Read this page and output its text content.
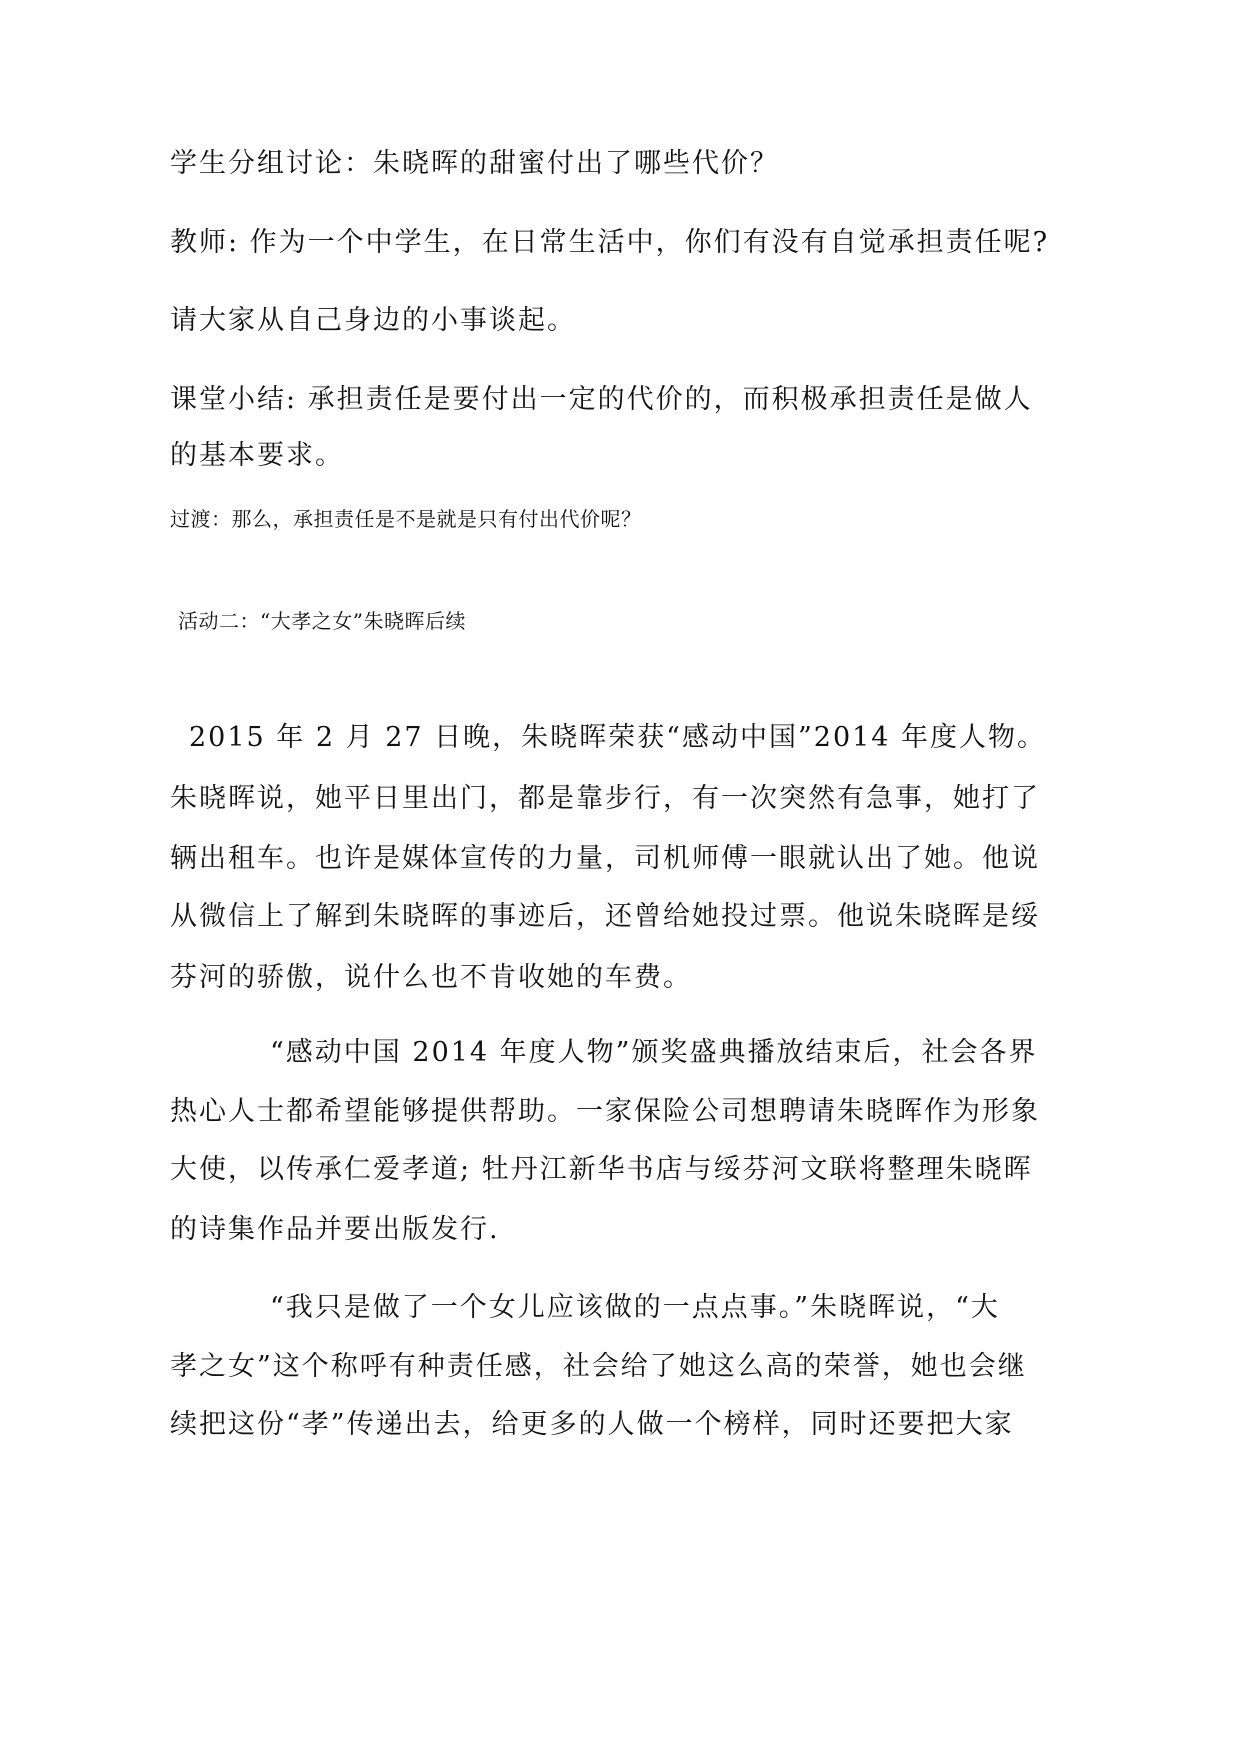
学生分组讨论：朱晓晖的甜蜜付出了哪些代价？
教师: 作为一个中学生，在日常生活中，你们有没有自觉承担责任呢?
请大家从自己身边的小事谈起。
课堂小结: 承担责任是要付出一定的代价的，而积极承担责任是做人
的基本要求。
过渡：那么，承担责任是不是就是只有付出代价呢？
活动二：“大孝之女”朱晓晖后续
2015 年 2 月 27 日晚，朱晓晖荣获“感动中国”2014 年度人物。
朱晓晖说，她平日里出门，都是靠步行，有一次突然有急事，她打了
辆出租车。也许是媒体宣传的力量，司机师傅一眼就认出了她。他说
从微信上了解到朱晓晖的事迹后，还曾给她投过票。他说朱晓晖是绥
芬河的骄傲，说什么也不肯收她的车费。
“感动中国 2014 年度人物”颁奖盛典播放结束后，社会各界
热心人士都希望能够提供帮助。一家保险公司想聘请朱晓晖作为形象
大使，以传承仁爱孝道; 牡丹江新华书店与绥芬河文联将整理朱晓晖
的诗集作品并要出版发行.
“我只是做了一个女儿应该做的一点点事。”朱晓晖说，“大
孝之女”这个称呼有种责任感，社会给了她这么高的荣誉，她也会继
续把这份“孝”传递出去，给更多的人做一个榜样，同时还要把大家
